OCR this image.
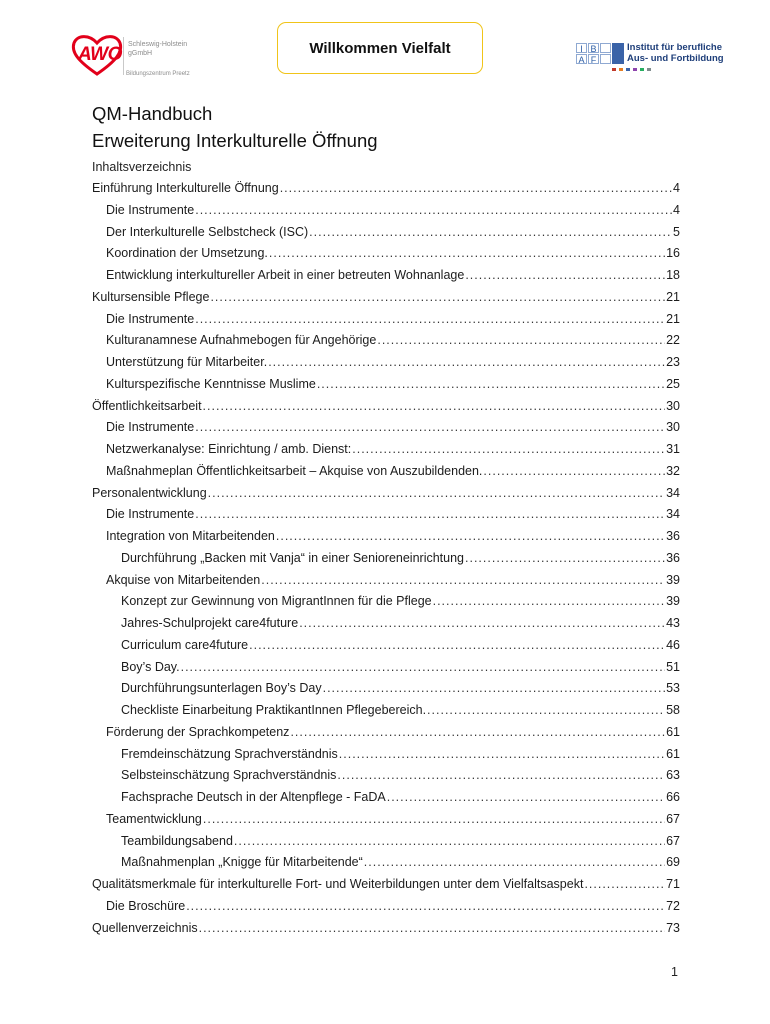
AWO Schleswig-Holstein
gGmbH
Bildungszentrum Preetz
Willkommen Vielfalt	I B
A F
Institut für berufliche
Aus- und Fortbildung
QM-Handbuch
Erweiterung Interkulturelle Öffnung
Inhaltsverzeichnis
Einführung Interkulturelle Öffnung .....	4
Die Instrumente .....	4
Der Interkulturelle Selbstcheck (ISC) .....	5
Koordination der Umsetzung. .....	16
Entwicklung interkultureller Arbeit in einer betreuten Wohnanlage .....	18
Kultursensible Pflege .....	21
Die Instrumente .....	21
Kulturanamnese Aufnahmebogen für Angehörige .....	22
Unterstützung für Mitarbeiter. .....	23
Kulturspezifische Kenntnisse Muslime .....	25
Öffentlichkeitsarbeit .....	30
Die Instrumente .....	30
Netzwerkanalyse: Einrichtung / amb. Dienst: .....	31
Maßnahmeplan Öffentlichkeitsarbeit – Akquise von Auszubildenden. .....	32
Personalentwicklung .....	34
Die Instrumente .....	34
Integration von Mitarbeitenden .....	36
Durchführung „Backen mit Vanja“ in einer Senioreneinrichtung .....	36
Akquise von Mitarbeitenden .....	39
Konzept zur Gewinnung von MigrantInnen für die Pflege .....	39
Jahres-Schulprojekt care4future .....	43
Curriculum care4future .....	46
Boy’s Day. .....	51
Durchführungsunterlagen Boy’s Day .....	53
Checkliste Einarbeitung PraktikantInnen Pflegebereich. .....	58
Förderung der Sprachkompetenz .....	61
Fremdeinschätzung Sprachverständnis .....	61
Selbsteinschätzung Sprachverständnis .....	63
Fachsprache Deutsch in der Altenpflege - FaDA .....	66
Teamentwicklung .....	67
Teambildungsabend .....	67
Maßnahmenplan „Knigge für Mitarbeitende“ .....	69
Qualitätsmerkmale für interkulturelle Fort- und Weiterbildungen unter dem Vielfaltsaspekt .....	71
Die Broschüre .....	72
Quellenverzeichnis .....	73
1
